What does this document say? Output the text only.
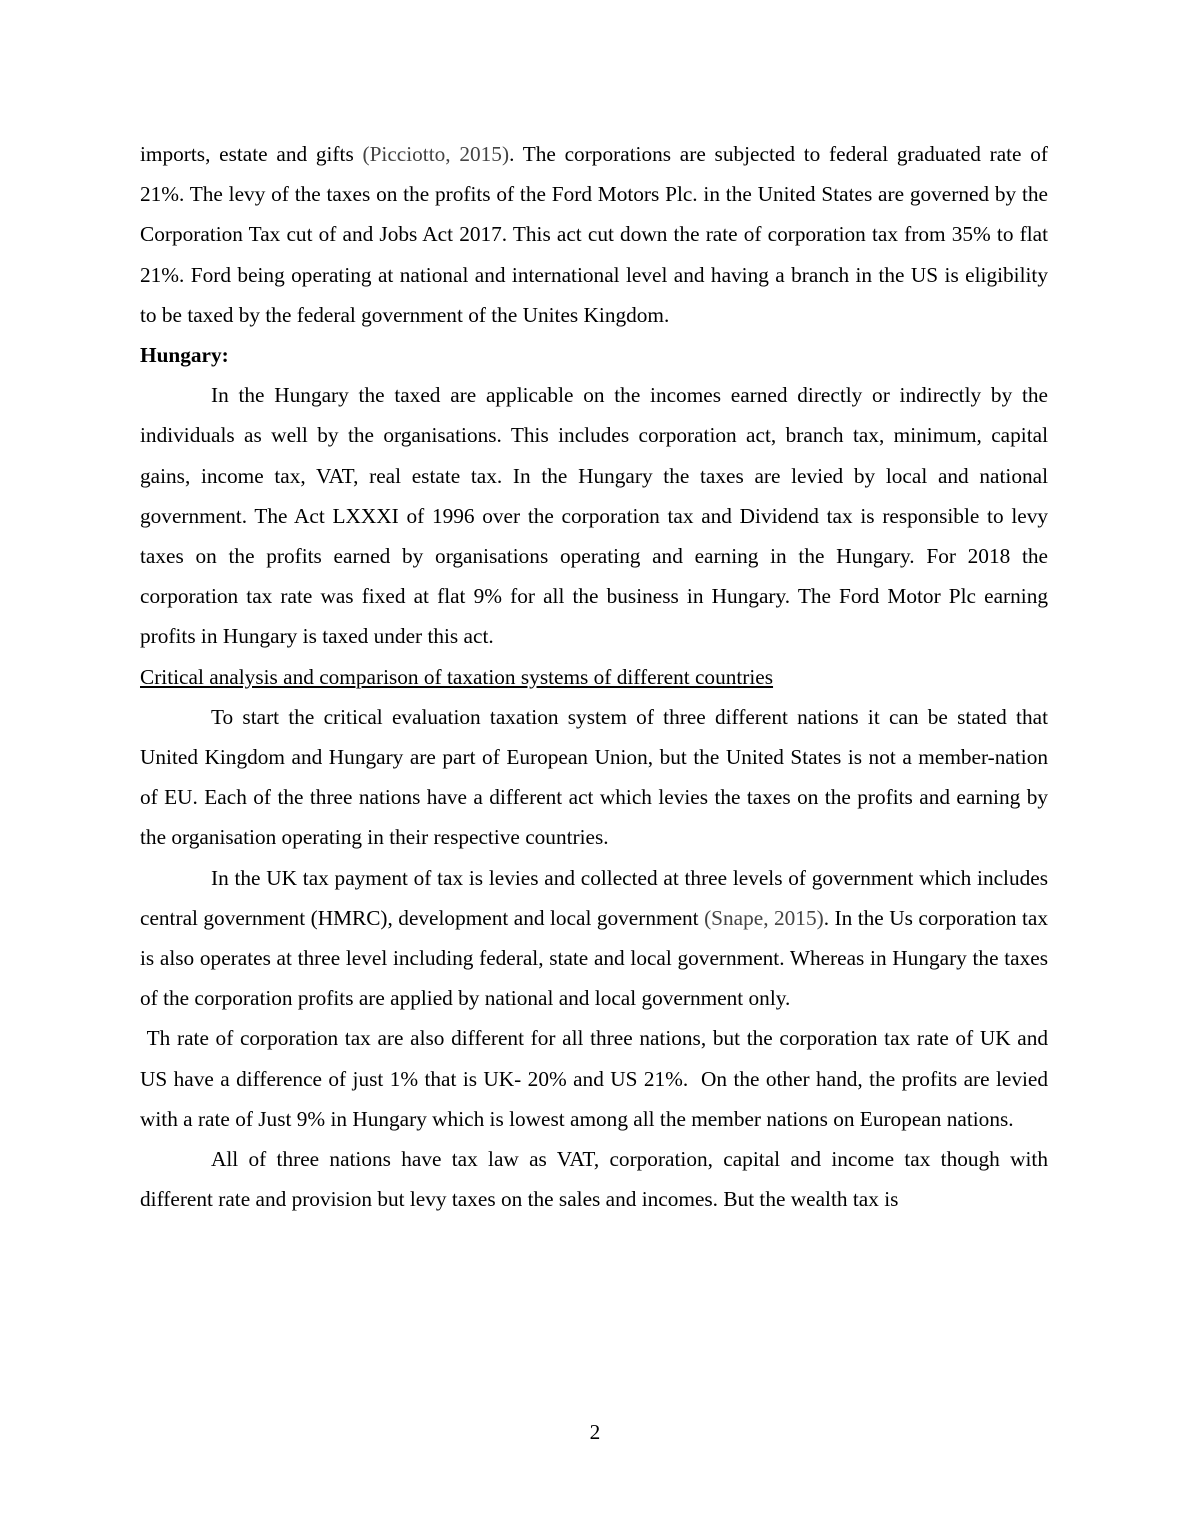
imports, estate and gifts (Picciotto, 2015). The corporations are subjected to federal graduated rate of 21%. The levy of the taxes on the profits of the Ford Motors Plc. in the United States are governed by the Corporation Tax cut of and Jobs Act 2017. This act cut down the rate of corporation tax from 35% to flat 21%. Ford being operating at national and international level and having a branch in the US is eligibility to be taxed by the federal government of the Unites Kingdom.

Hungary:

In the Hungary the taxed are applicable on the incomes earned directly or indirectly by the individuals as well by the organisations. This includes corporation act, branch tax, minimum, capital gains, income tax, VAT, real estate tax. In the Hungary the taxes are levied by local and national government. The Act LXXXI of 1996 over the corporation tax and Dividend tax is responsible to levy taxes on the profits earned by organisations operating and earning in the Hungary. For 2018 the corporation tax rate was fixed at flat 9% for all the business in Hungary. The Ford Motor Plc earning profits in Hungary is taxed under this act.

Critical analysis and comparison of taxation systems of different countries

To start the critical evaluation taxation system of three different nations it can be stated that United Kingdom and Hungary are part of European Union, but the United States is not a member-nation of EU. Each of the three nations have a different act which levies the taxes on the profits and earning by the organisation operating in their respective countries.

In the UK tax payment of tax is levies and collected at three levels of government which includes central government (HMRC), development and local government (Snape, 2015). In the Us corporation tax is also operates at three level including federal, state and local government. Whereas in Hungary the taxes of the corporation profits are applied by national and local government only.

Th rate of corporation tax are also different for all three nations, but the corporation tax rate of UK and US have a difference of just 1% that is UK- 20% and US 21%.  On the other hand, the profits are levied with a rate of Just 9% in Hungary which is lowest among all the member nations on European nations.

All of three nations have tax law as VAT, corporation, capital and income tax though with different rate and provision but levy taxes on the sales and incomes. But the wealth tax is

2
